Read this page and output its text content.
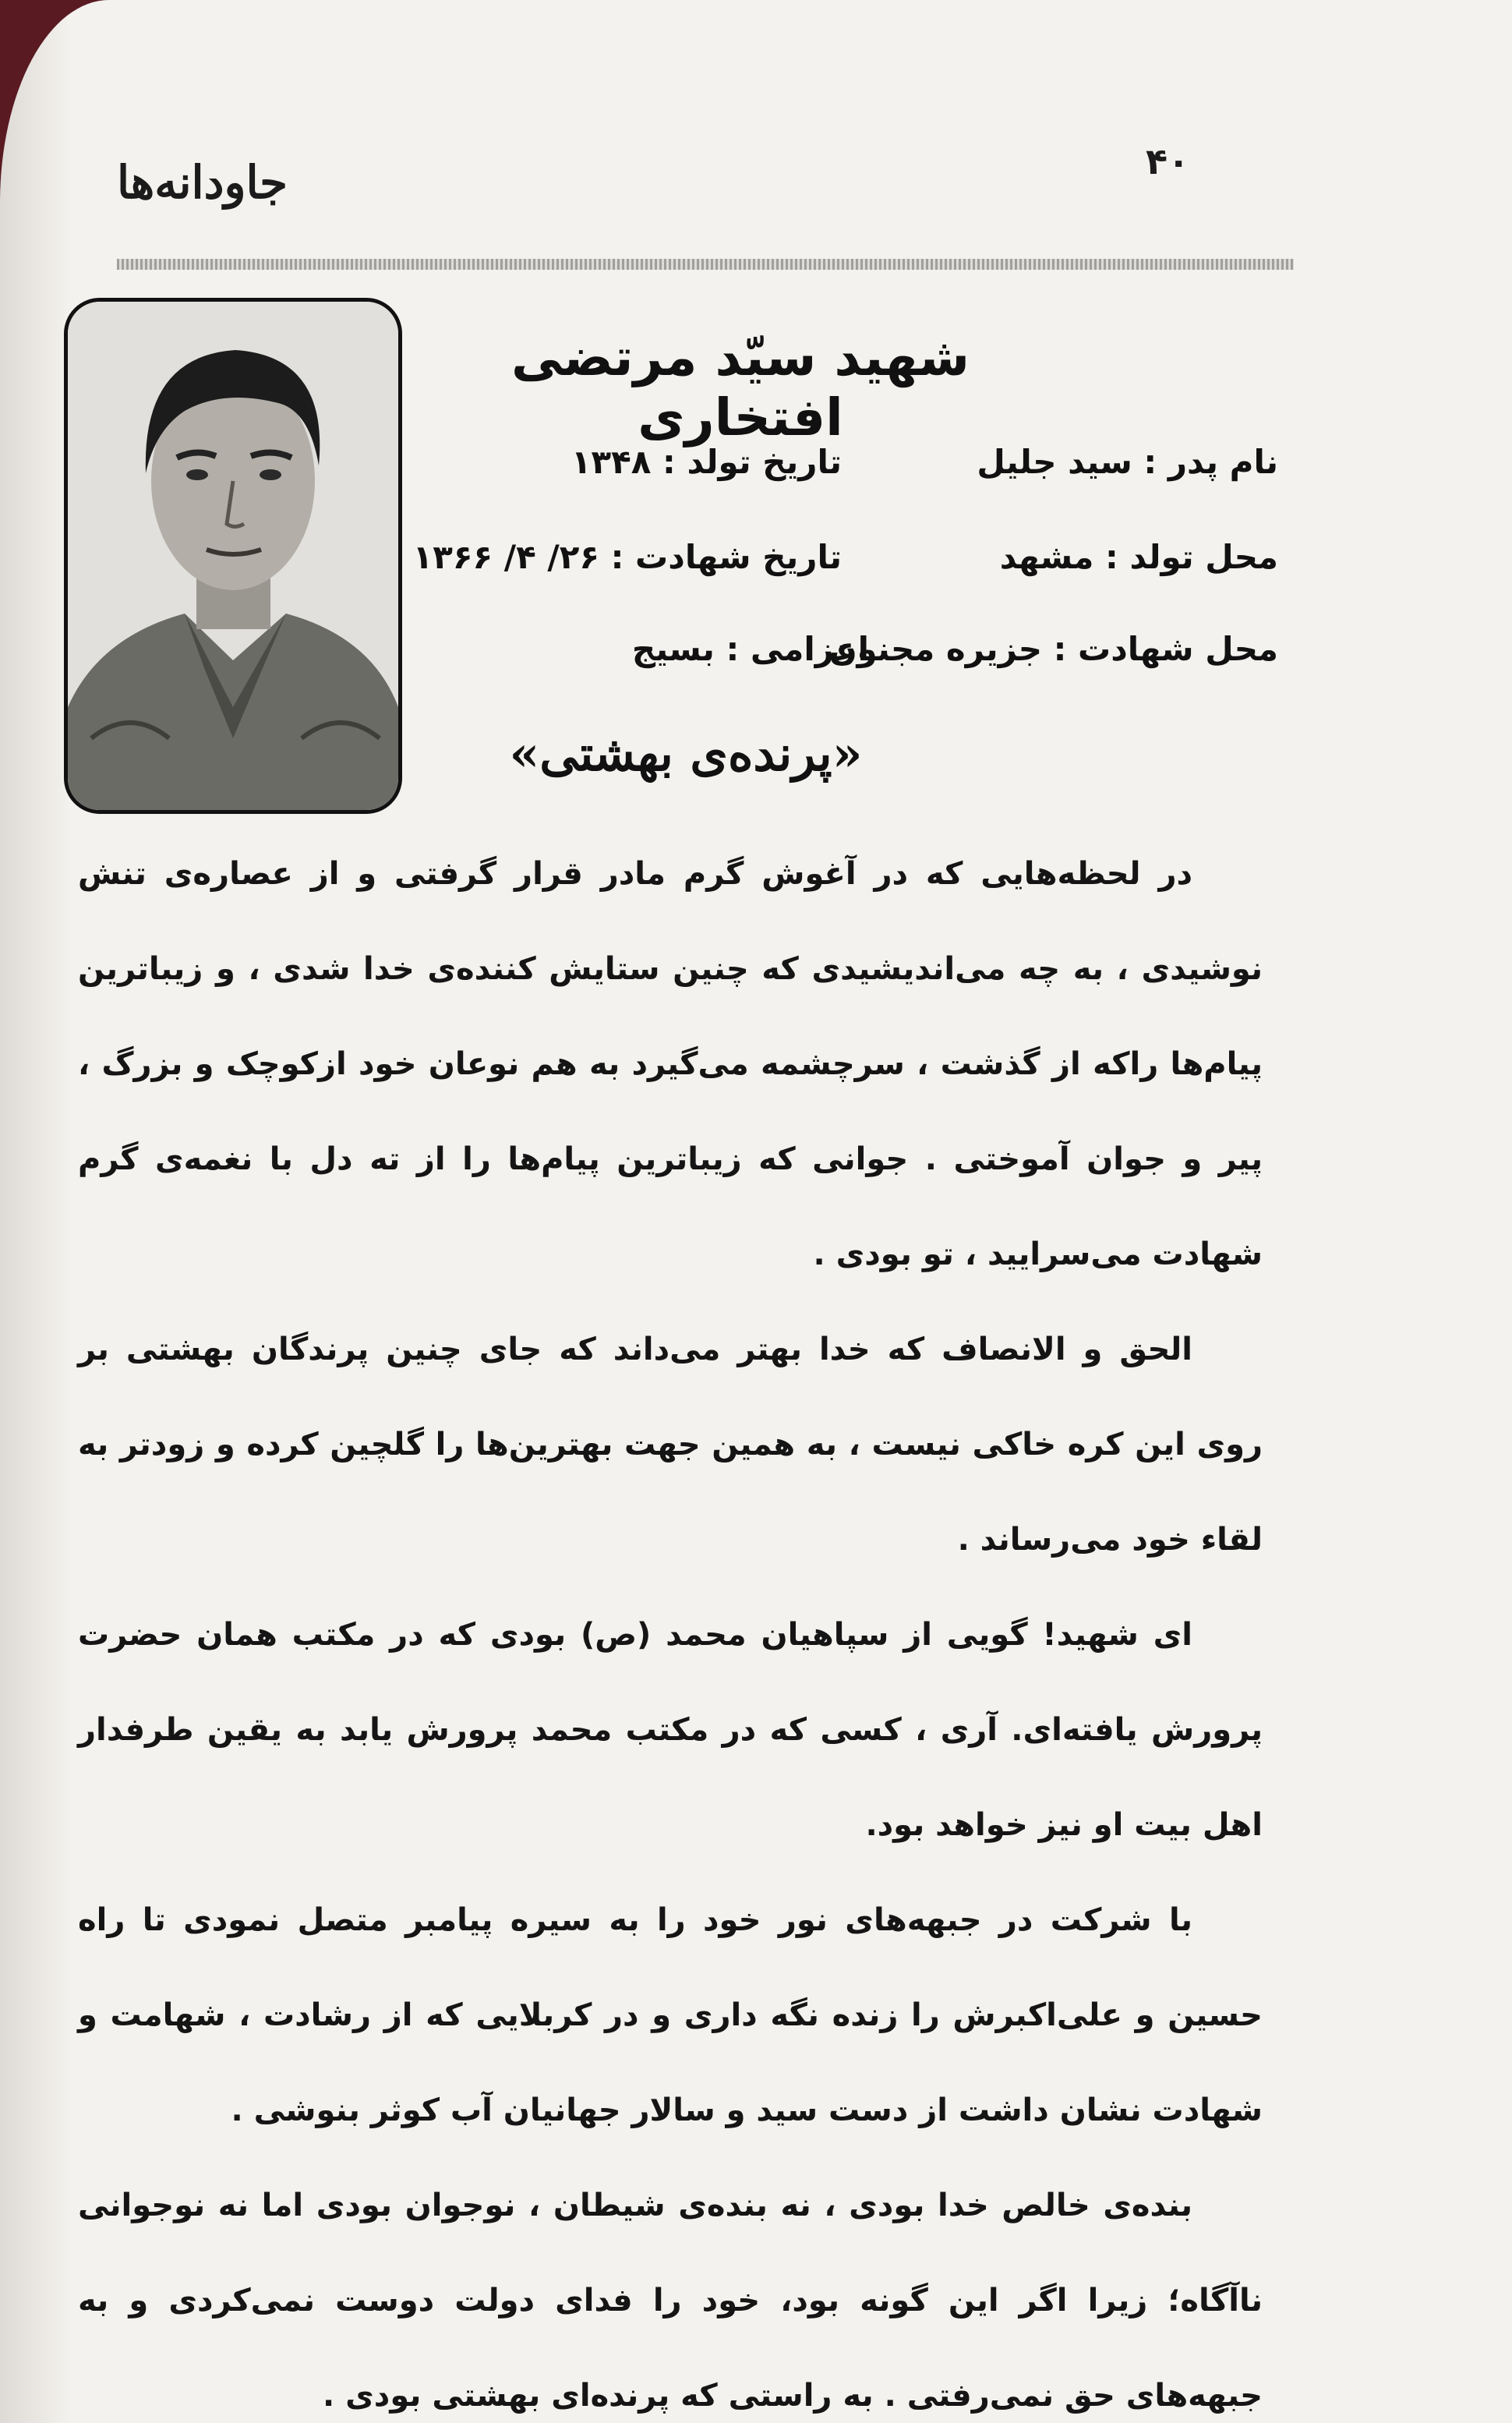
جاودانه‌ها	۴۰
شهید سیّد مرتضی افتخاری
نام پدر : سید جلیل
تاریخ تولد : ۱۳۴۸
محل تولد : مشهد
تاریخ شهادت : ۲۶/ ۴/ ۱۳۶۶
محل شهادت : جزیره مجنون
اعزامی : بسیج
«پرنده‌ی بهشتی»

در لحظه‌هایی که در آغوش گرم مادر قرار گرفتی و از عصاره‌ی تنش نوشیدی ، به چه می‌اندیشیدی که چنین ستایش کننده‌ی خدا شدی ، و زیباترین پیام‌ها راکه از گذشت ، سرچشمه می‌گیرد به هم نوعان خود ازکوچک و بزرگ ، پیر و جوان آموختی . جوانی که زیباترین پیام‌ها را از ته دل با نغمه‌ی گرم شهادت می‌سرایید ، تو بودی .

الحق و الانصاف که خدا بهتر می‌داند که جای چنین پرندگان بهشتی بر روی این کره خاکی نیست ، به همین جهت بهترین‌ها را گلچین کرده و زودتر به لقاء خود می‌رساند .

ای شهید! گویی از سپاهیان محمد (ص) بودی که در مکتب همان حضرت پرورش یافته‌ای. آری ، کسی که در مکتب محمد پرورش یابد به یقین طرفدار اهل بیت او نیز خواهد بود.

با شرکت در جبهه‌های نور خود را به سیره پیامبر متصل نمودی تا راه حسین و علی‌اکبرش را زنده نگه داری و در کربلایی که از رشادت ، شهامت و شهادت نشان داشت از دست سید و سالار جهانیان آب کوثر بنوشی .

بنده‌ی خالص خدا بودی ، نه بنده‌ی شیطان ، نوجوان بودی اما نه نوجوانی ناآگاه؛ زیرا اگر این گونه بود، خود را فدای دولت دوست نمی‌کردی و به جبهه‌های حق نمی‌رفتی . به راستی که پرنده‌ای بهشتی بودی .
